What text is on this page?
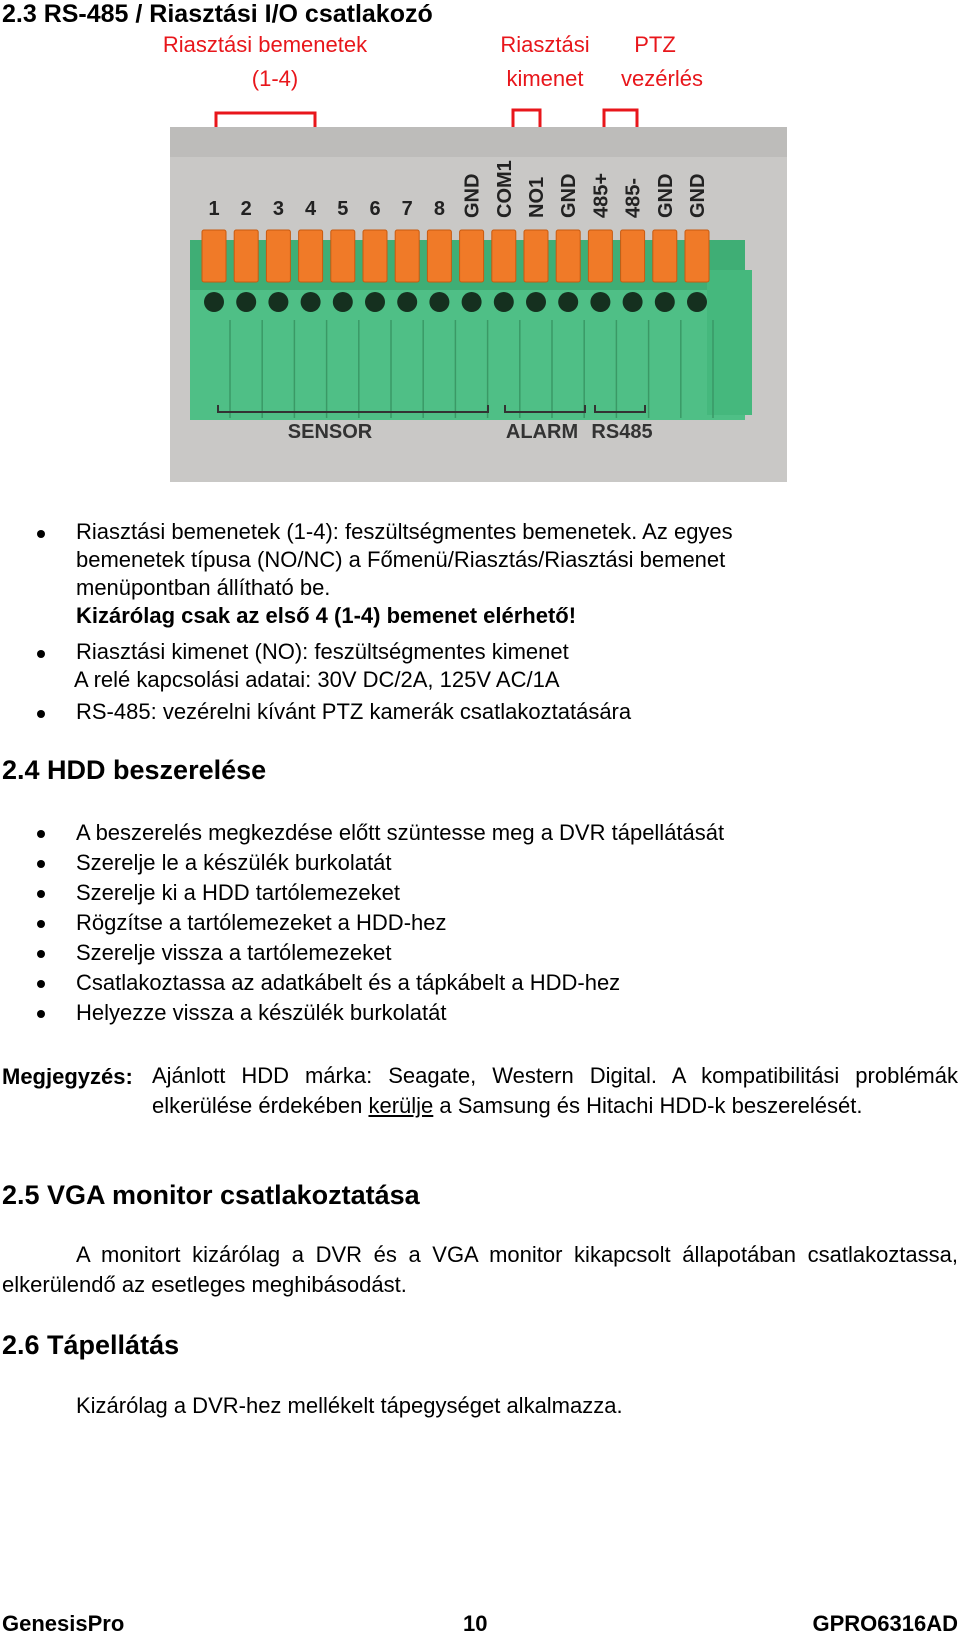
2.3 RS-485 / Riasztási I/O csatlakozó
Riasztási bemenetek
(1-4)
Riasztási
kimenet
PTZ
vezérlés
1 2 3 4 5 6 7 8 GND COM1 NO1 GND 485+ 485- GND GND
SENSOR	ALARM RS485
Riasztási bemenetek (1-4): feszültségmentes bemenetek. Az egyes
bemenetek típusa (NO/NC) a Főmenü/Riasztás/Riasztási bemenet
menüpontban állítható be.
Kizárólag csak az első 4 (1-4) bemenet elérhető!
Riasztási kimenet (NO): feszültségmentes kimenet
A relé kapcsolási adatai: 30V DC/2A, 125V AC/1A
RS-485: vezérelni kívánt PTZ kamerák csatlakoztatására
2.4 HDD beszerelése
A beszerelés megkezdése előtt szüntesse meg a DVR tápellátását
Szerelje le a készülék burkolatát
Szerelje ki a HDD tartólemezeket
Rögzítse a tartólemezeket a HDD-hez
Szerelje vissza a tartólemezeket
Csatlakoztassa az adatkábelt és a tápkábelt a HDD-hez
Helyezze vissza a készülék burkolatát
Megjegyzés: Ajánlott HDD márka: Seagate, Western Digital. A kompatibilitási problémák elkerülése érdekében kerülje a Samsung és Hitachi HDD-k beszerelését.
2.5 VGA monitor csatlakoztatása
A monitort kizárólag a DVR és a VGA monitor kikapcsolt állapotában csatlakoztassa, elkerülendő az esetleges meghibásodást.
2.6 Tápellátás
Kizárólag a DVR-hez mellékelt tápegységet alkalmazza.
GenesisPro	10	GPRO6316AD
